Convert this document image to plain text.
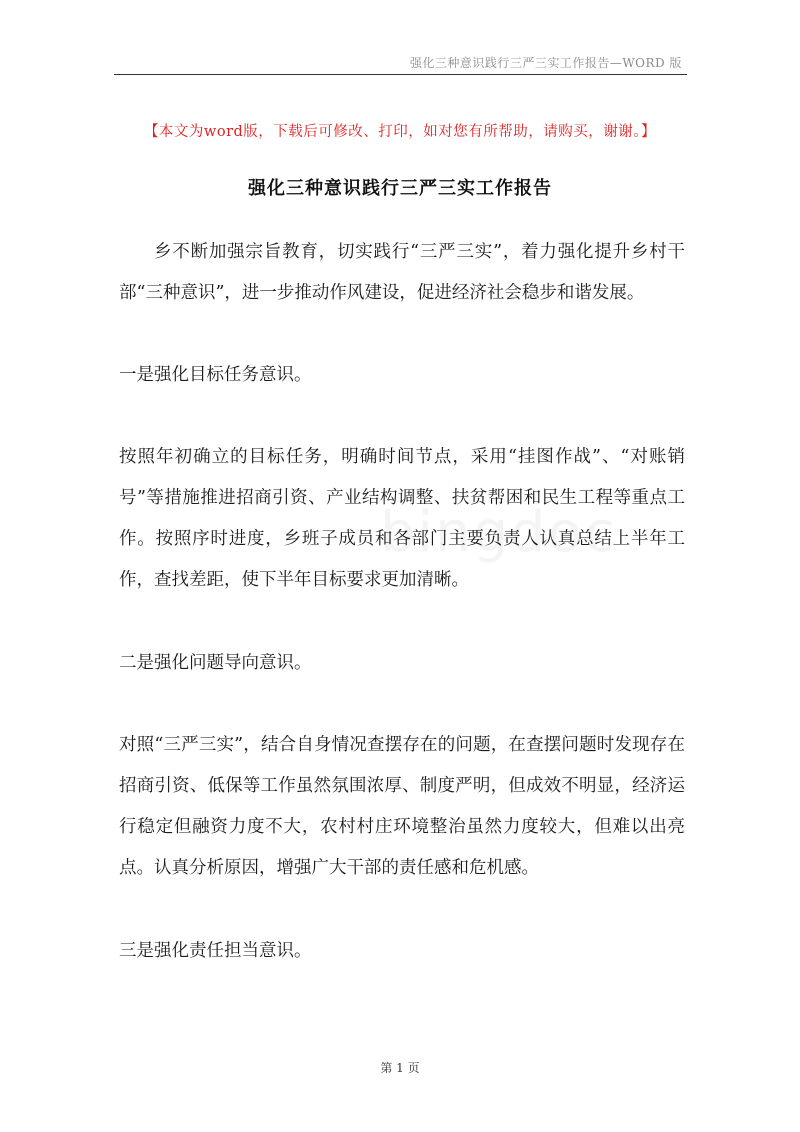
强化三种意识践行三严三实工作报告—WORD 版
【本文为word版，下载后可修改、打印，如对您有所帮助，请购买，谢谢。】
强化三种意识践行三严三实工作报告

乡不断加强宗旨教育，切实践行“三严三实”，着力强化提升乡村干部“三种意识”，进一步推动作风建设，促进经济社会稳步和谐发展。

一是强化目标任务意识。

按照年初确立的目标任务，明确时间节点，采用“挂图作战”、“对账销号”等措施推进招商引资、产业结构调整、扶贫帮困和民生工程等重点工作。按照序时进度，乡班子成员和各部门主要负责人认真总结上半年工作，查找差距，使下半年目标要求更加清晰。

二是强化问题导向意识。

对照“三严三实”，结合自身情况查摆存在的问题，在查摆问题时发现存在招商引资、低保等工作虽然氛围浓厚、制度严明，但成效不明显，经济运行稳定但融资力度不大，农村村庄环境整治虽然力度较大，但难以出亮点。认真分析原因，增强广大干部的责任感和危机感。

三是强化责任担当意识。

第 1 页
